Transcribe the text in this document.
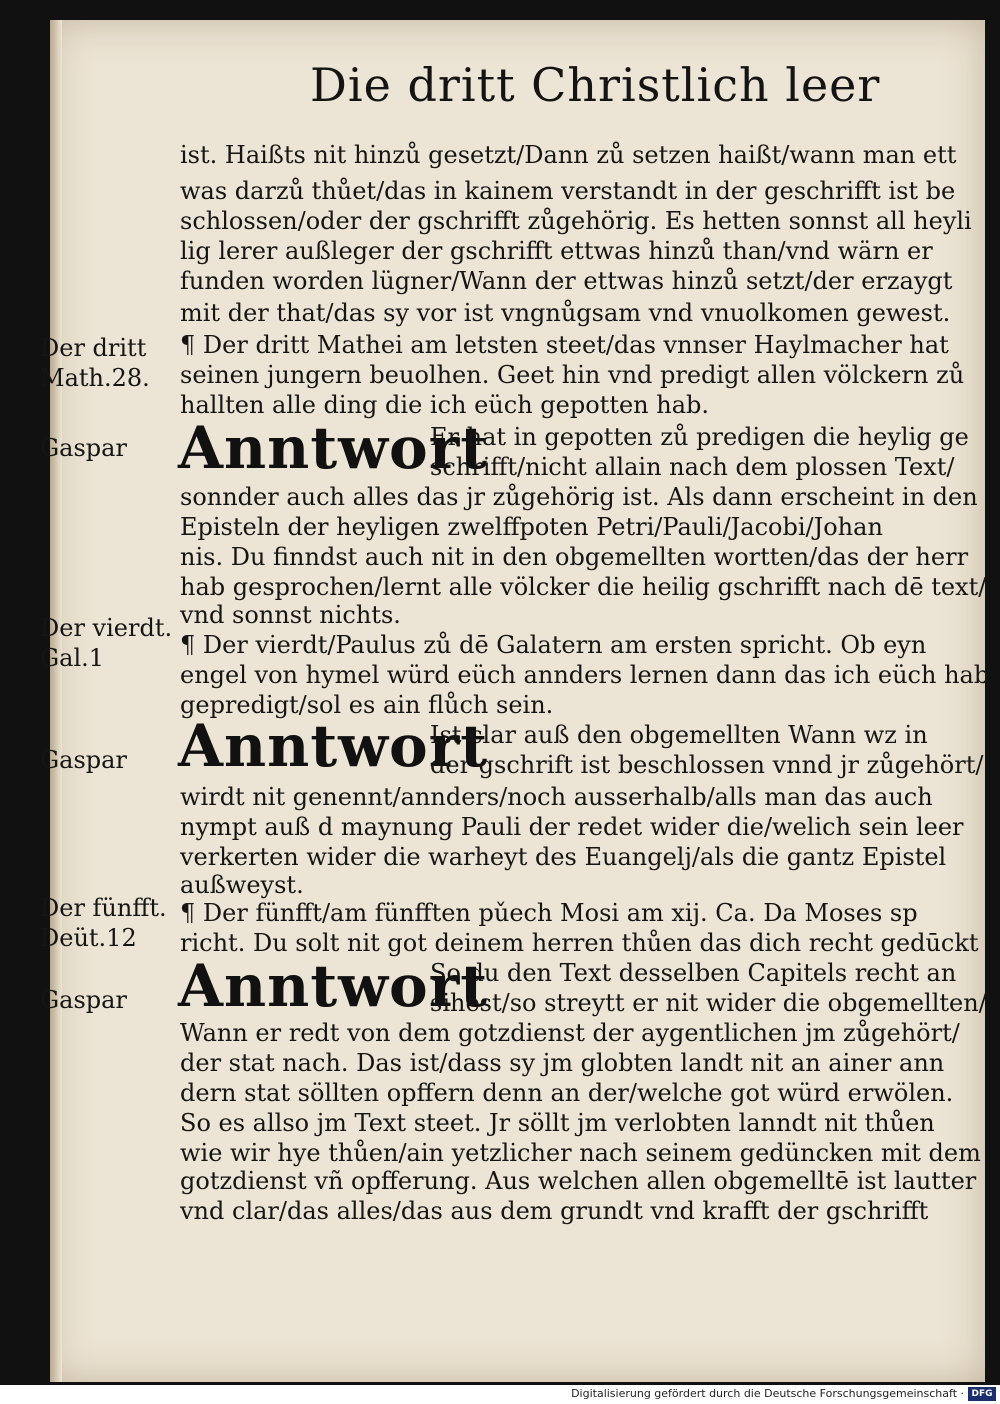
Die dritt Christlich leer
ist. Haißts nit hinzů gesetzt/Dann zů setzen haißt/wann man ett
was darzů thůet/das in kainem verstandt in der geschrifft ist be
schlossen/oder der gschrifft zůgehörig. Es hetten sonnst all heyli
lig lerer außleger der gschrifft ettwas hinzů than/vnd wärn er
funden worden lügner/Wann der ettwas hinzů setzt/der erzaygt
mit der that/das sy vor ist vngnůgsam vnd vnuolkomen gewest.
¶ Der dritt Mathei am letsten steet/das vnnser Haylmacher hat
seinen jungern beuolhen. Geet hin vnd predigt allen völckern zů
hallten alle ding die ich eüch gepotten hab.
Anntwort
Er hat in gepotten zů predigen die heylig ge
schrifft/nicht allain nach dem plossen Text/
sonnder auch alles das jr zůgehörig ist. Als dann erscheint in den
Episteln der heyligen zwelffpoten Petri/Pauli/Jacobi/Johan
nis. Du finndst auch nit in den obgemellten wortten/das der herr
hab gesprochen/lernt alle völcker die heilig gschrifft nach dē text/
vnd sonnst nichts.
¶ Der vierdt/Paulus zů dē Galatern am ersten spricht. Ob eyn
engel von hymel würd eüch annders lernen dann das ich eüch hab
gepredigt/sol es ain flůch sein.
Anntwort
Ist clar auß den obgemellten Wann wz in
der gschrift ist beschlossen vnnd jr zůgehört/
wirdt nit genennt/annders/noch ausserhalb/alls man das auch
nympt auß d maynung Pauli der redet wider die/welich sein leer
verkerten wider die warheyt des Euangelj/als die gantz Epistel
außweyst.
¶ Der fünfft/am fünfften pǔech Mosi am xij. Ca. Da Moses sp
richt. Du solt nit got deinem herren thůen das dich recht gedūckt
Anntwort
So du den Text desselben Capitels recht an
sihest/so streytt er nit wider die obgemellten/
Wann er redt von dem gotzdienst der aygentlichen jm zůgehört/
der stat nach. Das ist/dass sy jm globten landt nit an ainer ann
dern stat söllten opffern denn an der/welche got würd erwölen.
So es allso jm Text steet. Jr söllt jm verlobten lanndt nit thůen
wie wir hye thůen/ain yetzlicher nach seinem gedüncken mit dem
gotzdienst vñ opfferung. Aus welchen allen obgemelltē ist lautter
vnd clar/das alles/das aus dem grundt vnd krafft der gschrifft
Der dritt
Math.28.
Gaspar
Der vierdt.
Gal.1
Gaspar
Der fünfft.
Deüt.12
Gaspar
Digitalisierung gefördert durch die Deutsche Forschungsgemeinschaft · DFG
